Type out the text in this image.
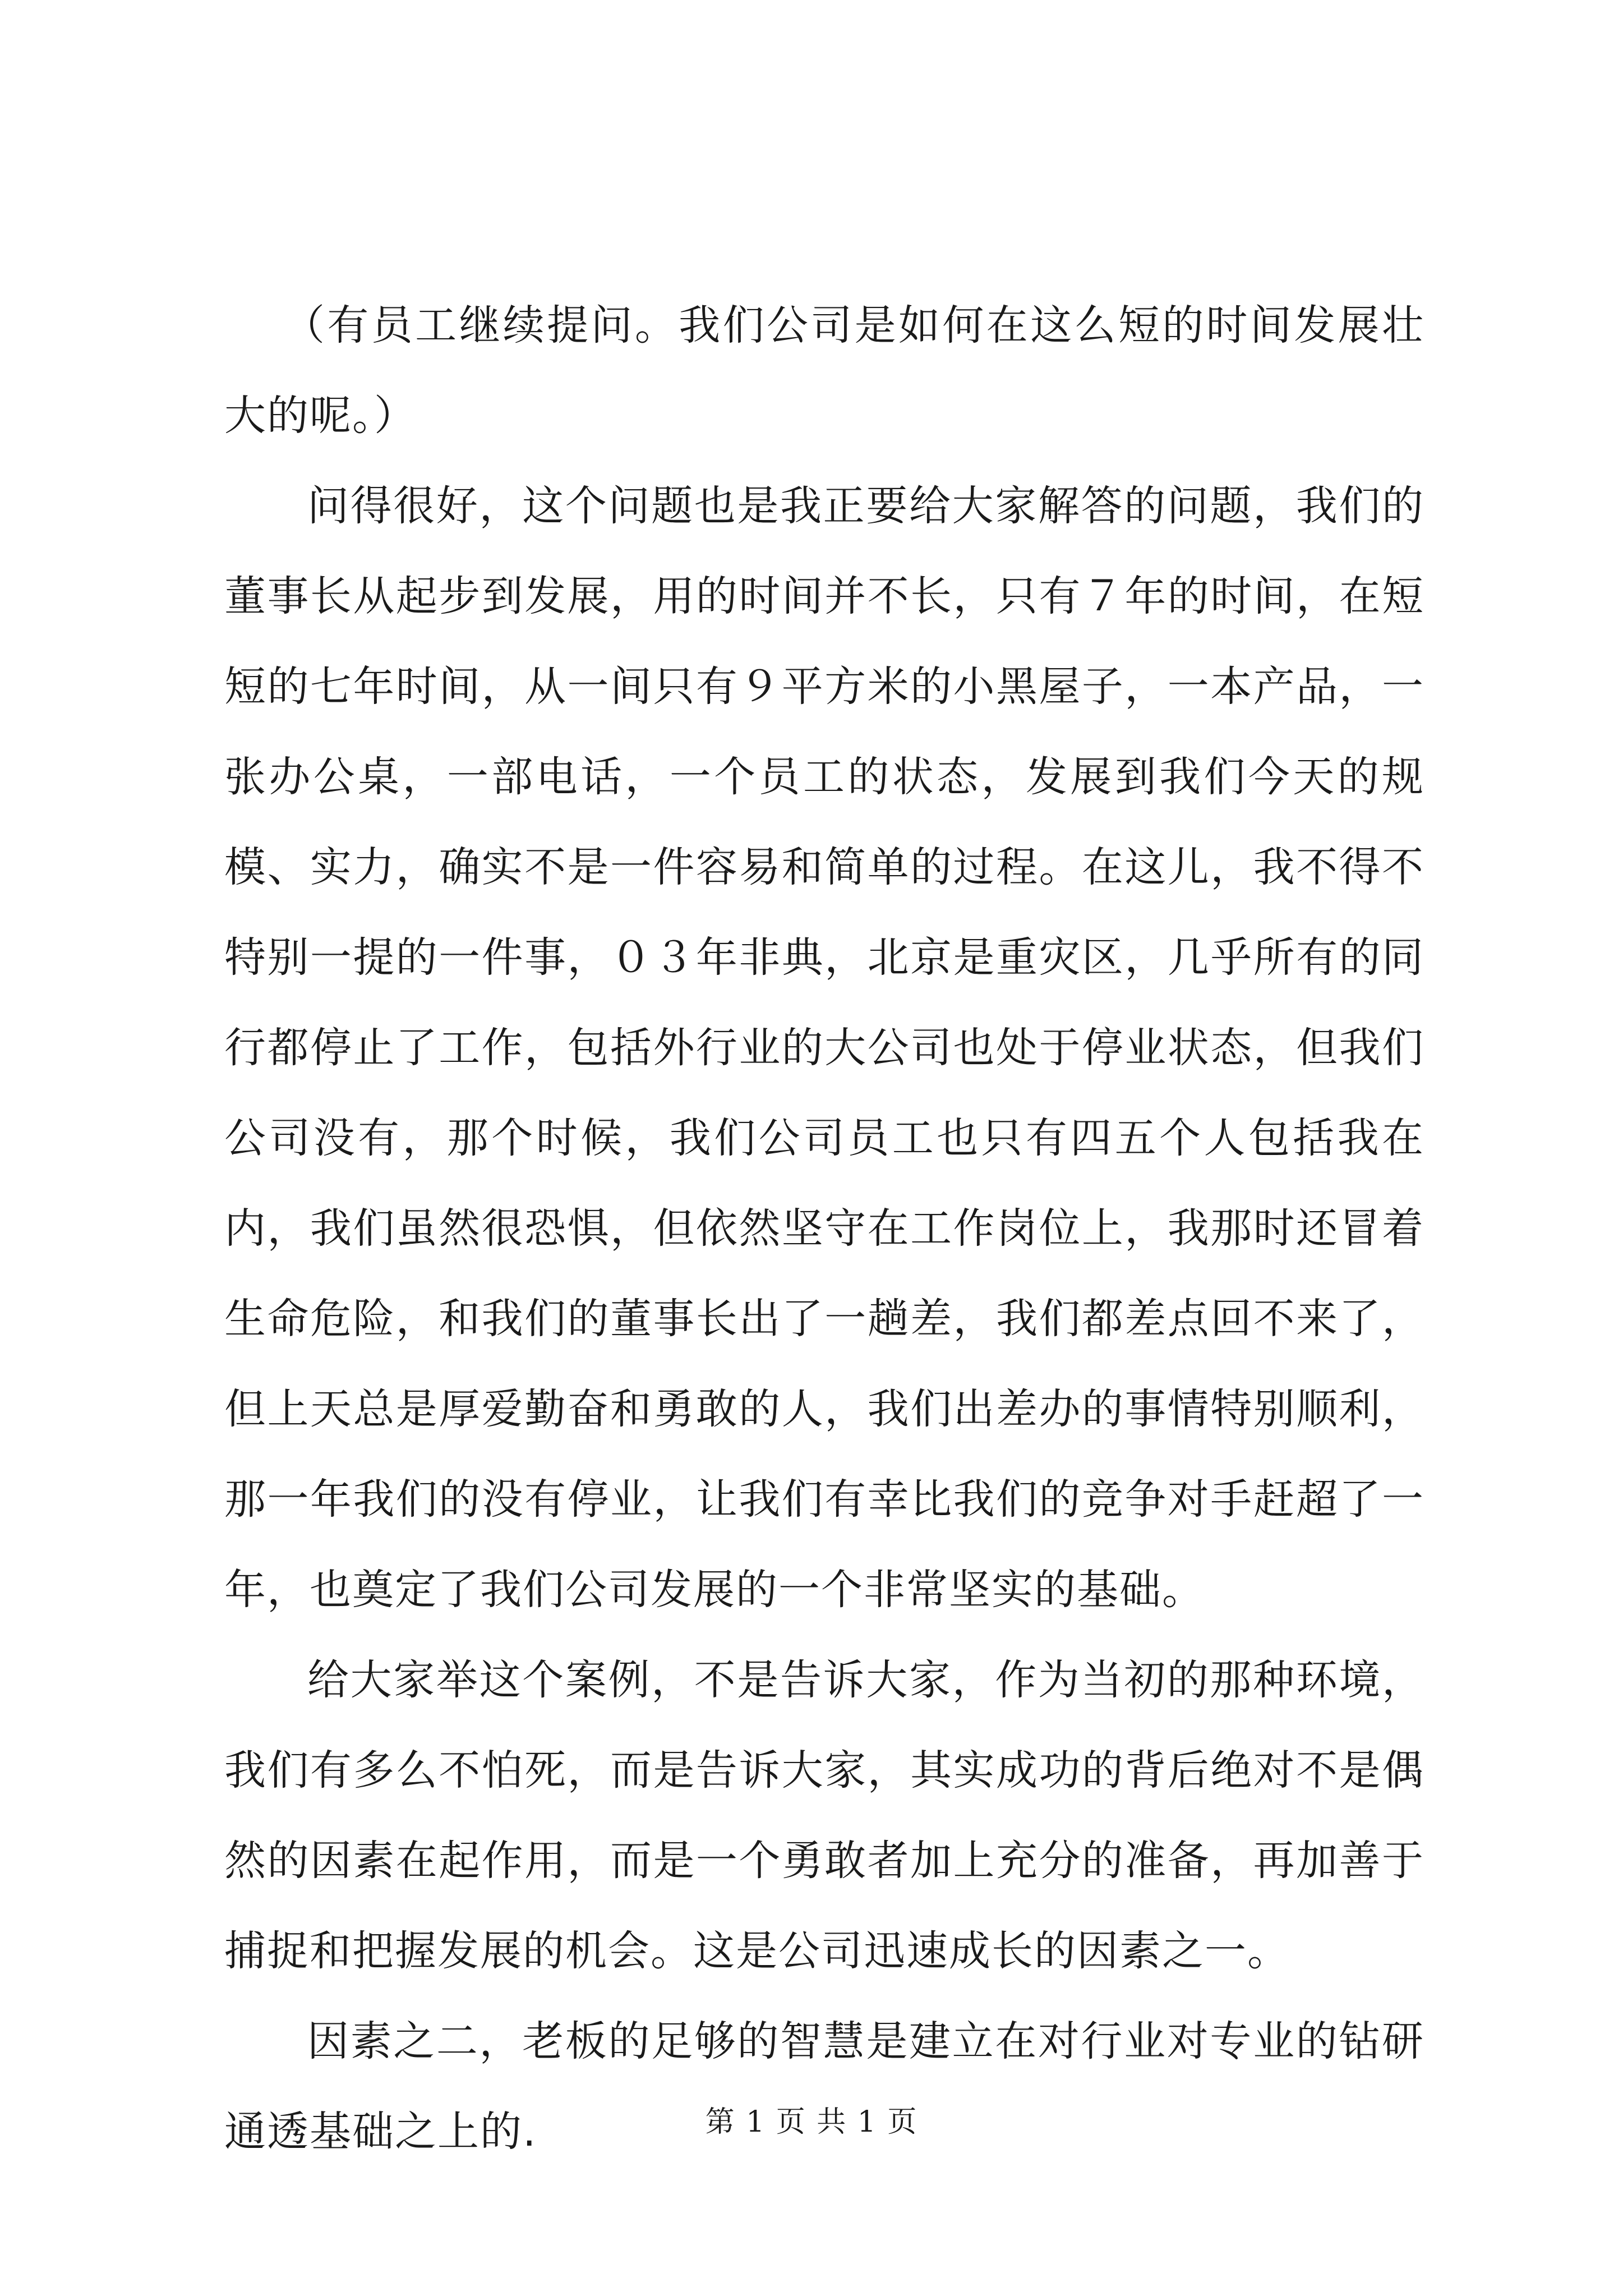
（有员工继续提问。我们公司是如何在这么短的时间发展壮大的呢。）

问得很好，这个问题也是我正要给大家解答的问题，我们的董事长从起步到发展，用的时间并不长，只有７年的时间，在短短的七年时间，从一间只有９平方米的小黑屋子，一本产品，一张办公桌，一部电话，一个员工的状态，发展到我们今天的规模、实力，确实不是一件容易和简单的过程。在这儿，我不得不特别一提的一件事，０３年非典，北京是重灾区，几乎所有的同行都停止了工作，包括外行业的大公司也处于停业状态，但我们公司没有，那个时候，我们公司员工也只有四五个人包括我在内，我们虽然很恐惧，但依然坚守在工作岗位上，我那时还冒着生命危险，和我们的董事长出了一趟差，我们都差点回不来了，但上天总是厚爱勤奋和勇敢的人，我们出差办的事情特别顺利，那一年我们的没有停业，让我们有幸比我们的竞争对手赶超了一年，也奠定了我们公司发展的一个非常坚实的基础。

给大家举这个案例，不是告诉大家，作为当初的那种环境，我们有多么不怕死，而是告诉大家，其实成功的背后绝对不是偶然的因素在起作用，而是一个勇敢者加上充分的准备，再加善于捕捉和把握发展的机会。这是公司迅速成长的因素之一。

因素之二，老板的足够的智慧是建立在对行业对专业的钻研通透基础之上的.	第 1 页 共 1 页
